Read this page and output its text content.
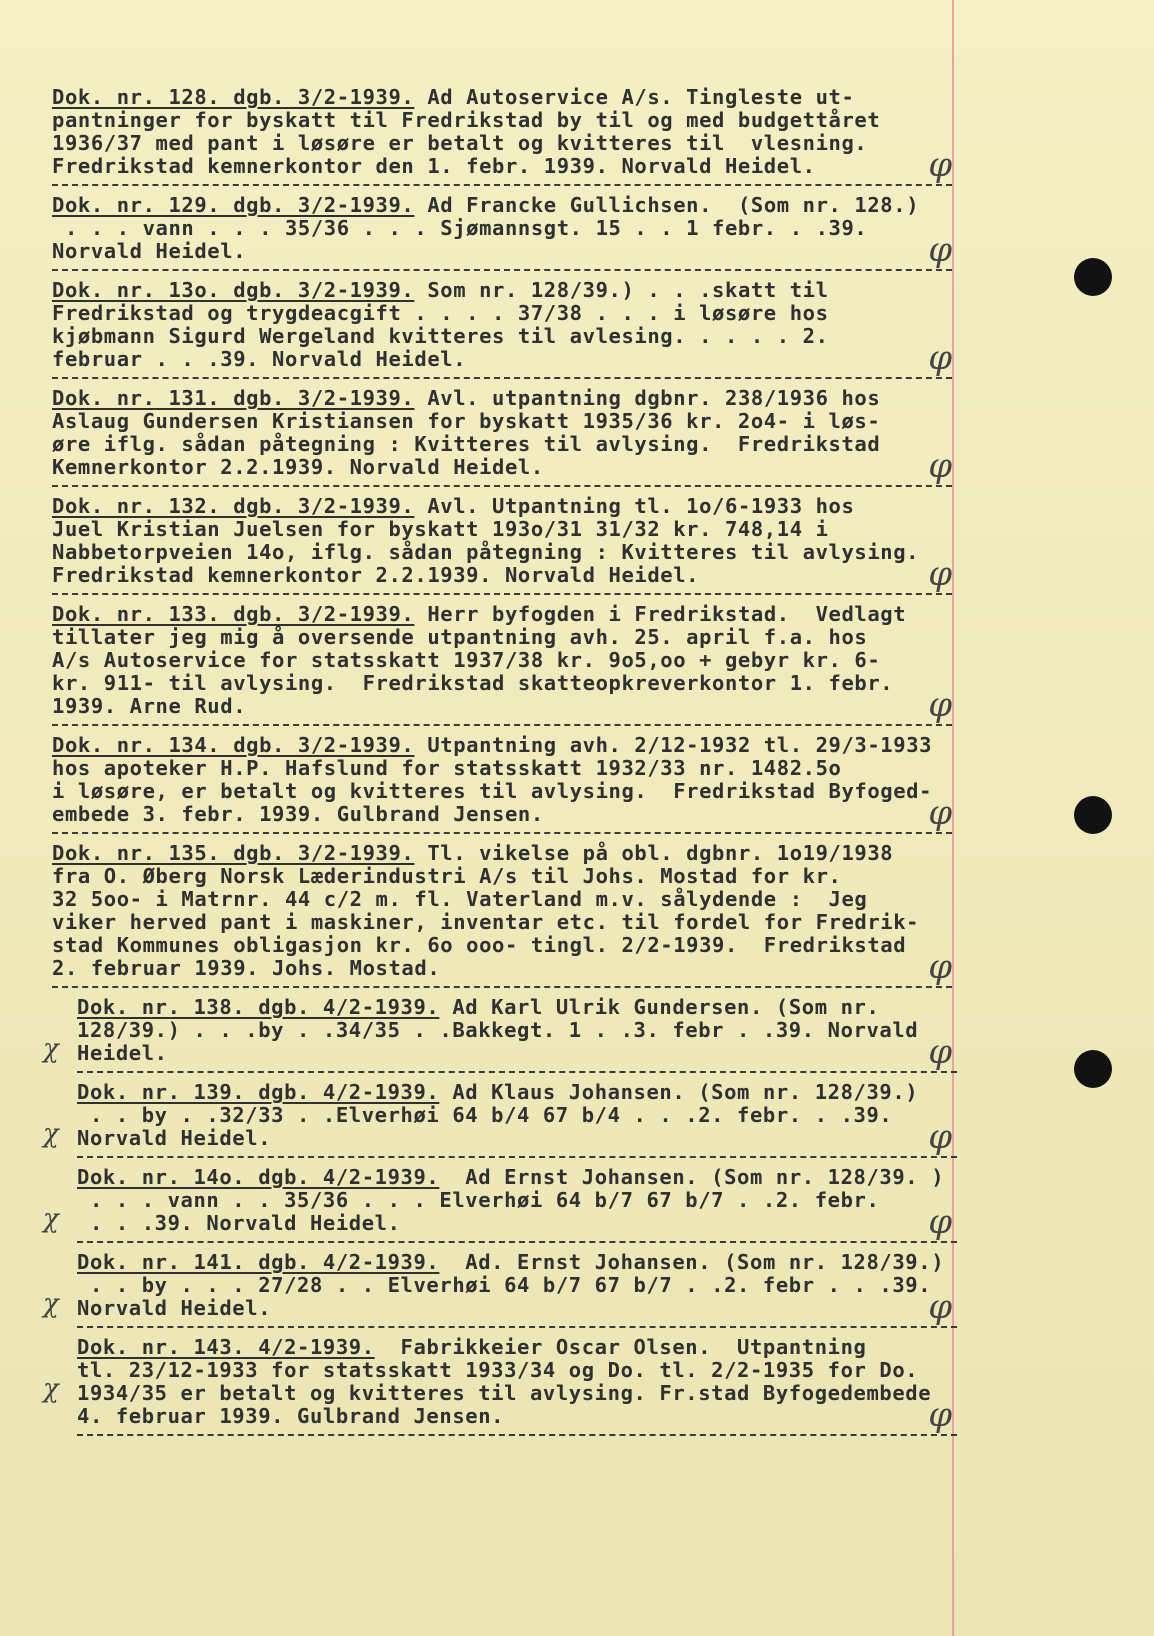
Dok. nr. 128. dgb. 3/2-1939. Ad Autoservice A/s. Tingleste ut-
pantninger for byskatt til Fredrikstad by til og med budgettåret
1936/37 med pant i løsøre er betalt og kvitteres til  vlesning.
Fredrikstad kemnerkontor den 1. febr. 1939. Norvald Heidel.	φ
Dok. nr. 129. dgb. 3/2-1939. Ad Francke Gullichsen.  (Som nr. 128.)
. . . vann . . . 35/36 . . . Sjømannsgt. 15 . . 1 febr. . .39.
Norvald Heidel.	φ
Dok. nr. 13o. dgb. 3/2-1939. Som nr. 128/39.) . . .skatt til
Fredrikstad og trygdeacgift . . . . 37/38 . . . i løsøre hos
kjøbmann Sigurd Wergeland kvitteres til avlesing. . . . . 2.
februar . . .39. Norvald Heidel.	φ
Dok. nr. 131. dgb. 3/2-1939. Avl. utpantning dgbnr. 238/1936 hos
Aslaug Gundersen Kristiansen for byskatt 1935/36 kr. 2o4- i løs-
øre iflg. sådan påtegning : Kvitteres til avlysing.  Fredrikstad
Kemnerkontor 2.2.1939. Norvald Heidel.	φ
Dok. nr. 132. dgb. 3/2-1939. Avl. Utpantning tl. 1o/6-1933 hos
Juel Kristian Juelsen for byskatt 193o/31 31/32 kr. 748,14 i
Nabbetorpveien 14o, iflg. sådan påtegning : Kvitteres til avlysing.
Fredrikstad kemnerkontor 2.2.1939. Norvald Heidel.	φ
Dok. nr. 133. dgb. 3/2-1939. Herr byfogden i Fredrikstad.  Vedlagt
tillater jeg mig å oversende utpantning avh. 25. april f.a. hos
A/s Autoservice for statsskatt 1937/38 kr. 9o5,oo + gebyr kr. 6-
kr. 911- til avlysing.  Fredrikstad skatteopkreverkontor 1. febr.
1939. Arne Rud.	φ
Dok. nr. 134. dgb. 3/2-1939. Utpantning avh. 2/12-1932 tl. 29/3-1933
hos apoteker H.P. Hafslund for statsskatt 1932/33 nr. 1482.5o
i løsøre, er betalt og kvitteres til avlysing.  Fredrikstad Byfoged-
embede 3. febr. 1939. Gulbrand Jensen.	φ
Dok. nr. 135. dgb. 3/2-1939. Tl. vikelse på obl. dgbnr. 1o19/1938
fra O. Øberg Norsk Læderindustri A/s til Johs. Mostad for kr.
32 5oo- i Matrnr. 44 c/2 m. fl. Vaterland m.v. sålydende :  Jeg
viker herved pant i maskiner, inventar etc. til fordel for Fredrik-
stad Kommunes obligasjon kr. 6o ooo- tingl. 2/2-1939.  Fredrikstad
2. februar 1939. Johs. Mostad.	φ
Dok. nr. 138. dgb. 4/2-1939. Ad Karl Ulrik Gundersen. (Som nr.
128/39.) . . .by . .34/35 . .Bakkegt. 1 . .3. febr . .39. Norvald
Heidel.	φ
χ
Dok. nr. 139. dgb. 4/2-1939. Ad Klaus Johansen. (Som nr. 128/39.)
. . by . .32/33 . .Elverhøi 64 b/4 67 b/4 . . .2. febr. . .39.
Norvald Heidel.	φ
χ
Dok. nr. 14o. dgb. 4/2-1939.  Ad Ernst Johansen. (Som nr. 128/39. )
. . . vann . . 35/36 . . . Elverhøi 64 b/7 67 b/7 . .2. febr.
. . .39. Norvald Heidel.	φ
χ
Dok. nr. 141. dgb. 4/2-1939.  Ad. Ernst Johansen. (Som nr. 128/39.)
. . by . . . 27/28 . . Elverhøi 64 b/7 67 b/7 . .2. febr . . .39.
Norvald Heidel.	φ
χ
Dok. nr. 143. 4/2-1939.  Fabrikkeier Oscar Olsen.  Utpantning
tl. 23/12-1933 for statsskatt 1933/34 og Do. tl. 2/2-1935 for Do.
1934/35 er betalt og kvitteres til avlysing. Fr.stad Byfogedembede
4. februar 1939. Gulbrand Jensen.	φ
χ
